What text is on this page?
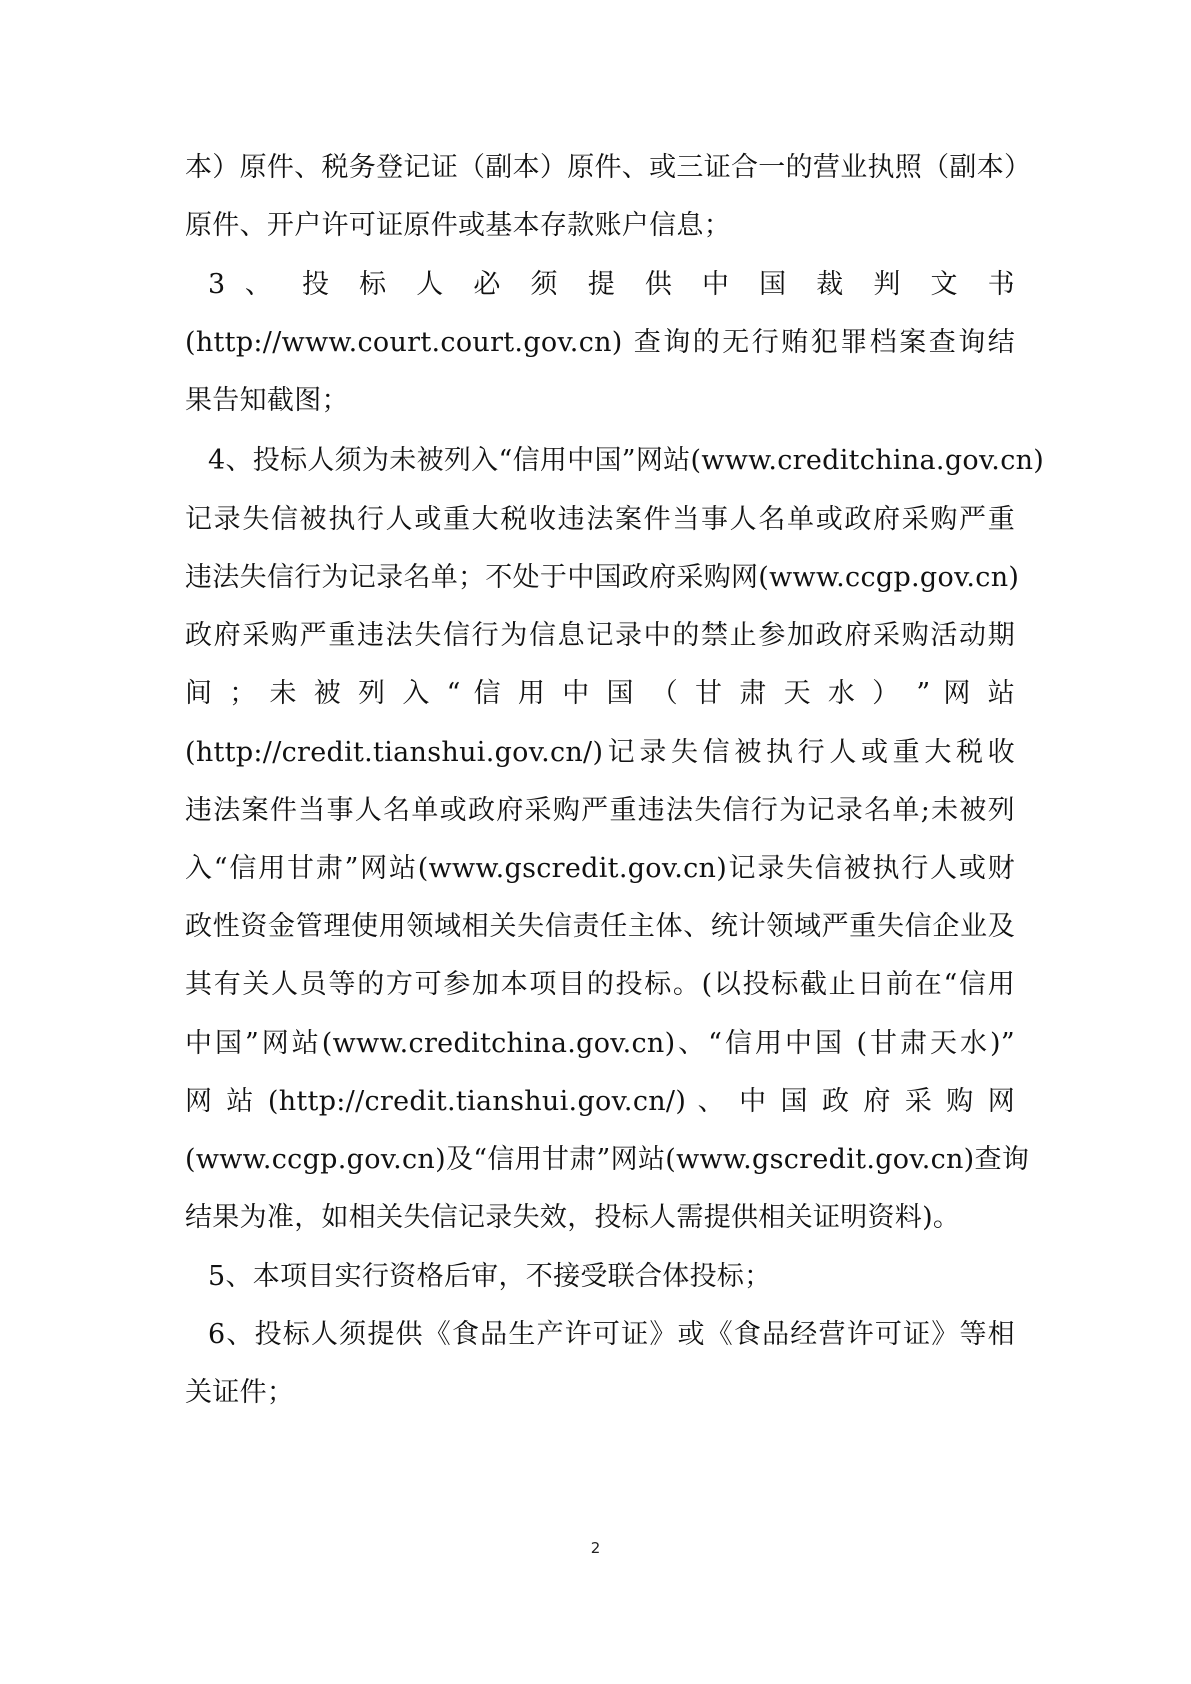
本）原件、税务登记证（副本）原件、或三证合一的营业执照（副本）
原件、开户许可证原件或基本存款账户信息；
3 、 投 标 人 必 须 提 供 中 国 裁 判 文 书
(http://www.court.court.gov.cn) 查询的无行贿犯罪档案查询结
果告知截图；
4、投标人须为未被列入“信用中国”网站(www.creditchina.gov.cn)
记录失信被执行人或重大税收违法案件当事人名单或政府采购严重
违法失信行为记录名单；不处于中国政府采购网(www.ccgp.gov.cn)
政府采购严重违法失信行为信息记录中的禁止参加政府采购活动期
间 ； 未 被 列 入 “ 信 用 中 国 （ 甘 肃 天 水 ） ” 网 站
(http://credit.tianshui.gov.cn/)记录失信被执行人或重大税收
违法案件当事人名单或政府采购严重违法失信行为记录名单;未被列
入“信用甘肃”网站(www.gscredit.gov.cn)记录失信被执行人或财
政性资金管理使用领域相关失信责任主体、统计领域严重失信企业及
其有关人员等的方可参加本项目的投标。(以投标截止日前在“信用
中国”网站(www.creditchina.gov.cn)、“信用中国 (甘肃天水)”
网 站 (http://credit.tianshui.gov.cn/) 、 中 国 政 府 采 购 网
(www.ccgp.gov.cn)及“信用甘肃”网站(www.gscredit.gov.cn)查询
结果为准，如相关失信记录失效，投标人需提供相关证明资料)。
5、本项目实行资格后审，不接受联合体投标；
6、投标人须提供《食品生产许可证》或《食品经营许可证》等相
关证件；
2
